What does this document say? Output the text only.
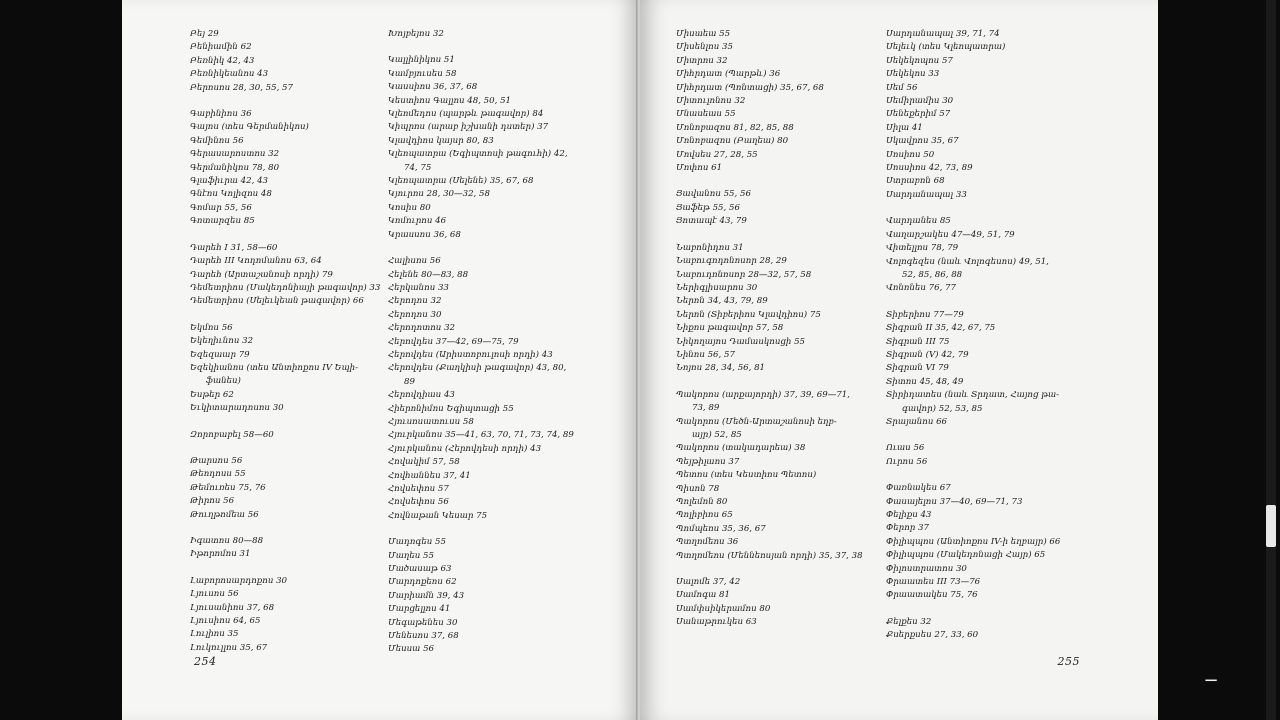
Բեյ 29
Բենիամին 62
Բեռնիկ 42, 43
Բեռնիկեանոս 43
Բերոսոս 28, 30, 55, 57
Գաբինիոս 36
Գայոս (տես Գերմանիկոս)
Գեմինոս 56
Գերասարոստոս 32
Գերմանիկոս 78, 80
Գլաֆիւրա 42, 43
Գնէոս Կոլիզոս 48
Գոմար 55, 56
Գոտարզես 85
Դարեհ I 31, 58—60
Դարեհ III Կոդոմանոս 63, 64
Դարեհ (Արտաշանոսի որդի) 79
Դեմետրիոս (Մակեդոնիայի թագավոր) 33
Դեմետրիոս (Սելեւկեան թագավոր) 66
Եկմոս 56
Եկեղիւնոս 32
Եզեզաար 79
Եզեկիանոս (տես Անտիոքոս IV Եպի-
ֆանես)
Եսթեր 62
Եւկիտարադոսոս 30
Զորոբաբել 58—60
Թարսոս 56
Թեոդոսս 55
Թեմուռես 75, 76
Թիրոս 56
Թուղթոմեա 56
Իգատոս 80—88
Իթորոմոս 31
Լաբորոսարդոքոս 30
Լյուսոս 56
Լյուսանիոս 37, 68
Լյուսիոս 64, 65
Լուլիոս 35
Լուկուլլոս 35, 67
Խոյբեյոս 32
Կալլինիկոս 51
Կամբյուսես 58
Կասսիոս 36, 37, 68
Կեստիոս Գալլոս 48, 50, 51
Կլեոմեդոս (պարթև թագավոր) 84
Կիպրոս (արաբ իշխանի դստեր) 37
Կլավդիոս կայսր 80, 83
Կլեոպատրա (Եգիպտոսի թագուհի) 42,
74, 75
Կլեոպատրա (Սելենե) 35, 67, 68
Կյուրոս 28, 30—32, 58
Կոսիս 80
Կոմուրոս 46
Կրասսոս 36, 68
Հալիսոս 56
Հելենե 80—83, 88
Հերկանոս 33
Հերոդոս 32
Հերոդոս 30
Հերոդոտոս 32
Հերովդես 37—42, 69—75, 79
Հերովդես (Արիստոբուլոսի որդի) 43
Հերովդես (Քաղկիսի թագավոր) 43, 80,
89
Հերովդիաս 43
Հիերոնիմոս Եգիպտացի 55
Հյուսոսատուսս 58
Հյուրկանոս 35—41, 63, 70, 71, 73, 74, 89
Հյուրկանոս (Հերովդեսի որդի) 43
Հովակիմ 57, 58
Հովհաննես 37, 41
Հովսեփոս 57
Հովսեփոս 56
Հովնաթան Կեսար 75
Մադոգես 55
Մաղես 55
Մածասաթ 63
Մարդոքեոս 62
Մարիամն 39, 43
Մարցելլոս 41
Մեգաթենես 30
Մենեսոս 37, 68
Մեսսա 56
254
Միսաեա 55
Միսենլոս 35
Միտրոս 32
Միհրդատ (Պարթև) 36
Միհրդատ (Պոնտացի) 35, 67, 68
Միտուլոնոս 32
Մնասեաս 55
Մոնոբազոս 81, 82, 85, 88
Մոնոբազոս (Բաղեա) 80
Մովսես 27, 28, 55
Մոփոս 61
Յավանոս 55, 56
Յաֆեթ 55, 56
Յոտապէ 43, 79
Նաբոնիդոս 31
Նաբուգոդոնոսոր 28, 29
Նաբուդոնոսոր 28—32, 57, 58
Ներիգլիսարոս 30
Ներոն 34, 43, 79, 89
Ներոն (Տիբերիոս Կլավդիոս) 75
Նիքոս թագավոր 57, 58
Նիկողայոս Դամասկոսցի 55
Նինոս 56, 57
Նոյոս 28, 34, 56, 81
Պակորոս (արքայորդի) 37, 39, 69—71,
73, 89
Պակորոս (Մեծն-Արտաշանոսի եղբ-
այր) 52, 85
Պակորոս (տակադարեա) 38
Պեյթիլաոս 37
Պետոս (տես Կեստիոս Պետոս)
Պիսոն 78
Պոլեմոն 80
Պոլիբիոս 65
Պոմպեոս 35, 36, 67
Պտղոմեոս 36
Պտղոմեոս (Մեննեոսյան որդի) 35, 37, 38
Սալոմե 37, 42
Սամոգա 81
Սամփսիկերամոս 80
Սանաթրուկես 63
Սարդանապալ 39, 71, 74
Սելեւկ (տես Կլեոպատրա)
Սեկեկոպոս 57
Սեկեկոս 33
Սեմ 56
Սեմիրամիս 30
Սենեքերիմ 57
Սիլա 41
Սկավրոս 35, 67
Սոսիոս 50
Սոսսիոս 42, 73, 89
Ստրաբոն 68
Սարդանապալ 33
Վարդանես 85
Վաղարշակես 47—49, 51, 79
Վիտելլոս 78, 79
Վոլոգեզես (նաև Վոլոգեսոս) 49, 51,
52, 85, 86, 88
Վոնոնես 76, 77
Տիբերիոս 77—79
Տիգրան II 35, 42, 67, 75
Տիգրան III 75
Տիգրան (V) 42, 79
Տիգրան VI 79
Տիտոս 45, 48, 49
Տիրիդատես (նաև Տրդատ, Հայոց թա-
գավոր) 52, 53, 85
Տրայանոս 66
Ուաս 56
Ուրոս 56
Փառնակես 67
Փասայելոս 37—40, 69—71, 73
Փելիքս 43
Փերոր 37
Փիլիպպոս (Անտիոքոս IV-ի եղբայր) 66
Փիլիպպոս (Մակեդոնացի Հայր) 65
Փիլոստրատոս 30
Փրաատես III 73—76
Փրաատակես 75, 76
Քելքես 32
Քսերքսես 27, 33, 60
255
−
